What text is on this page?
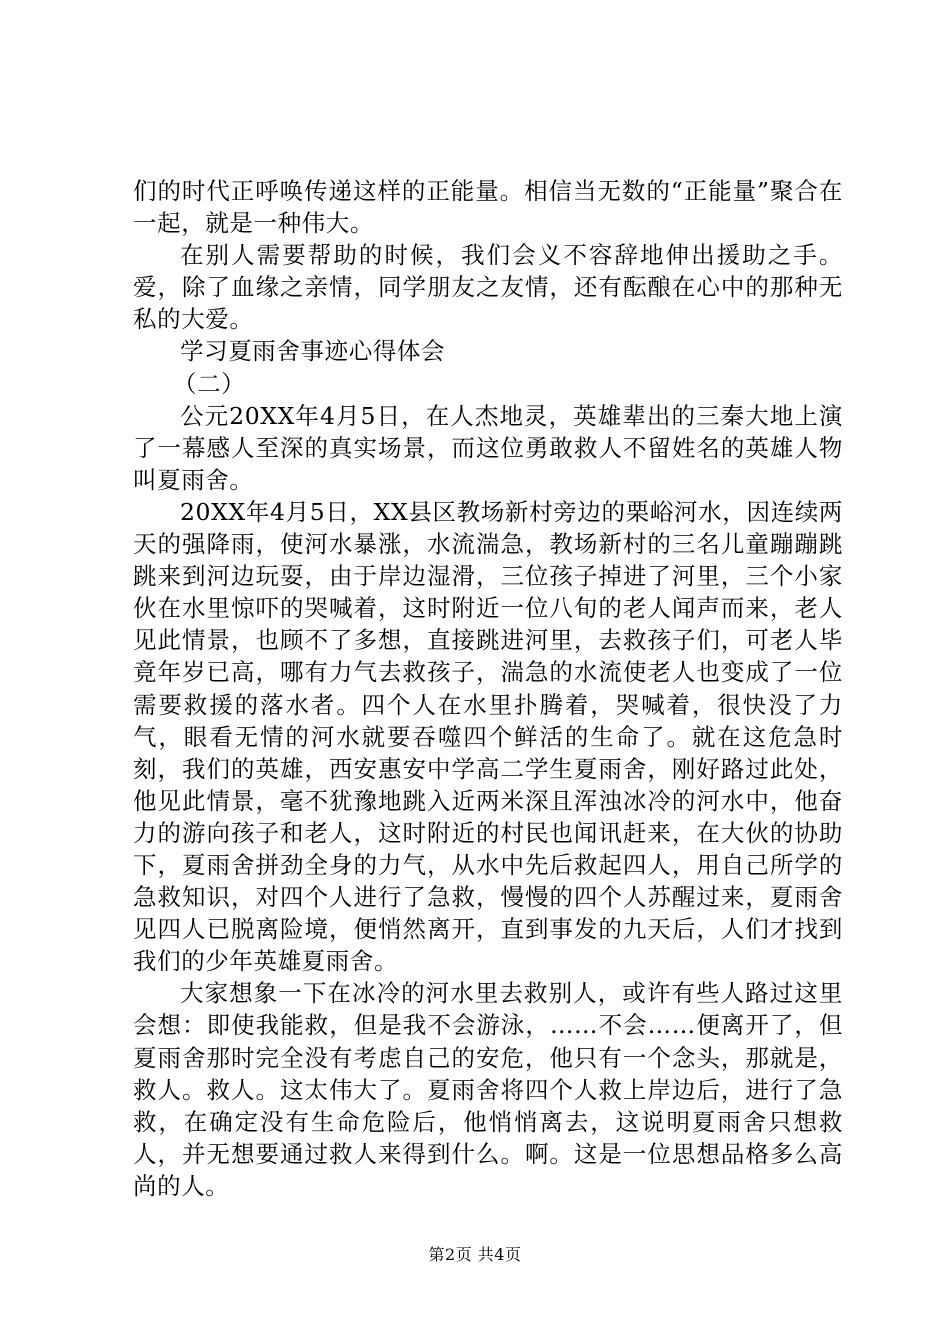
们的时代正呼唤传递这样的正能量。相信当无数的“正能量”聚合在一起，就是一种伟大。

在别人需要帮助的时候，我们会义不容辞地伸出援助之手。爱，除了血缘之亲情，同学朋友之友情，还有酝酿在心中的那种无私的大爱。

学习夏雨舍事迹心得体会

（二）

公元20XX年4月5日，在人杰地灵，英雄辈出的三秦大地上演了一幕感人至深的真实场景，而这位勇敢救人不留姓名的英雄人物叫夏雨舍。

20XX年4月5日，XX县区教场新村旁边的栗峪河水，因连续两天的强降雨，使河水暴涨，水流湍急，教场新村的三名儿童蹦蹦跳跳来到河边玩耍，由于岸边湿滑，三位孩子掉进了河里，三个小家伙在水里惊吓的哭喊着，这时附近一位八旬的老人闻声而来，老人见此情景，也顾不了多想，直接跳进河里，去救孩子们，可老人毕竟年岁已高，哪有力气去救孩子，湍急的水流使老人也变成了一位需要救援的落水者。四个人在水里扑腾着，哭喊着，很快没了力气，眼看无情的河水就要吞噬四个鲜活的生命了。就在这危急时刻，我们的英雄，西安惠安中学高二学生夏雨舍，刚好路过此处，他见此情景，毫不犹豫地跳入近两米深且浑浊冰冷的河水中，他奋力的游向孩子和老人，这时附近的村民也闻讯赶来，在大伙的协助下，夏雨舍拼劲全身的力气，从水中先后救起四人，用自己所学的急救知识，对四个人进行了急救，慢慢的四个人苏醒过来，夏雨舍见四人已脱离险境，便悄然离开，直到事发的九天后，人们才找到我们的少年英雄夏雨舍。

大家想象一下在冰冷的河水里去救别人，或许有些人路过这里会想：即使我能救，但是我不会游泳，……不会……便离开了，但夏雨舍那时完全没有考虑自己的安危，他只有一个念头，那就是，救人。救人。这太伟大了。夏雨舍将四个人救上岸边后，进行了急救，在确定没有生命危险后，他悄悄离去，这说明夏雨舍只想救人，并无想要通过救人来得到什么。啊。这是一位思想品格多么高尚的人。

第2页 共4页
